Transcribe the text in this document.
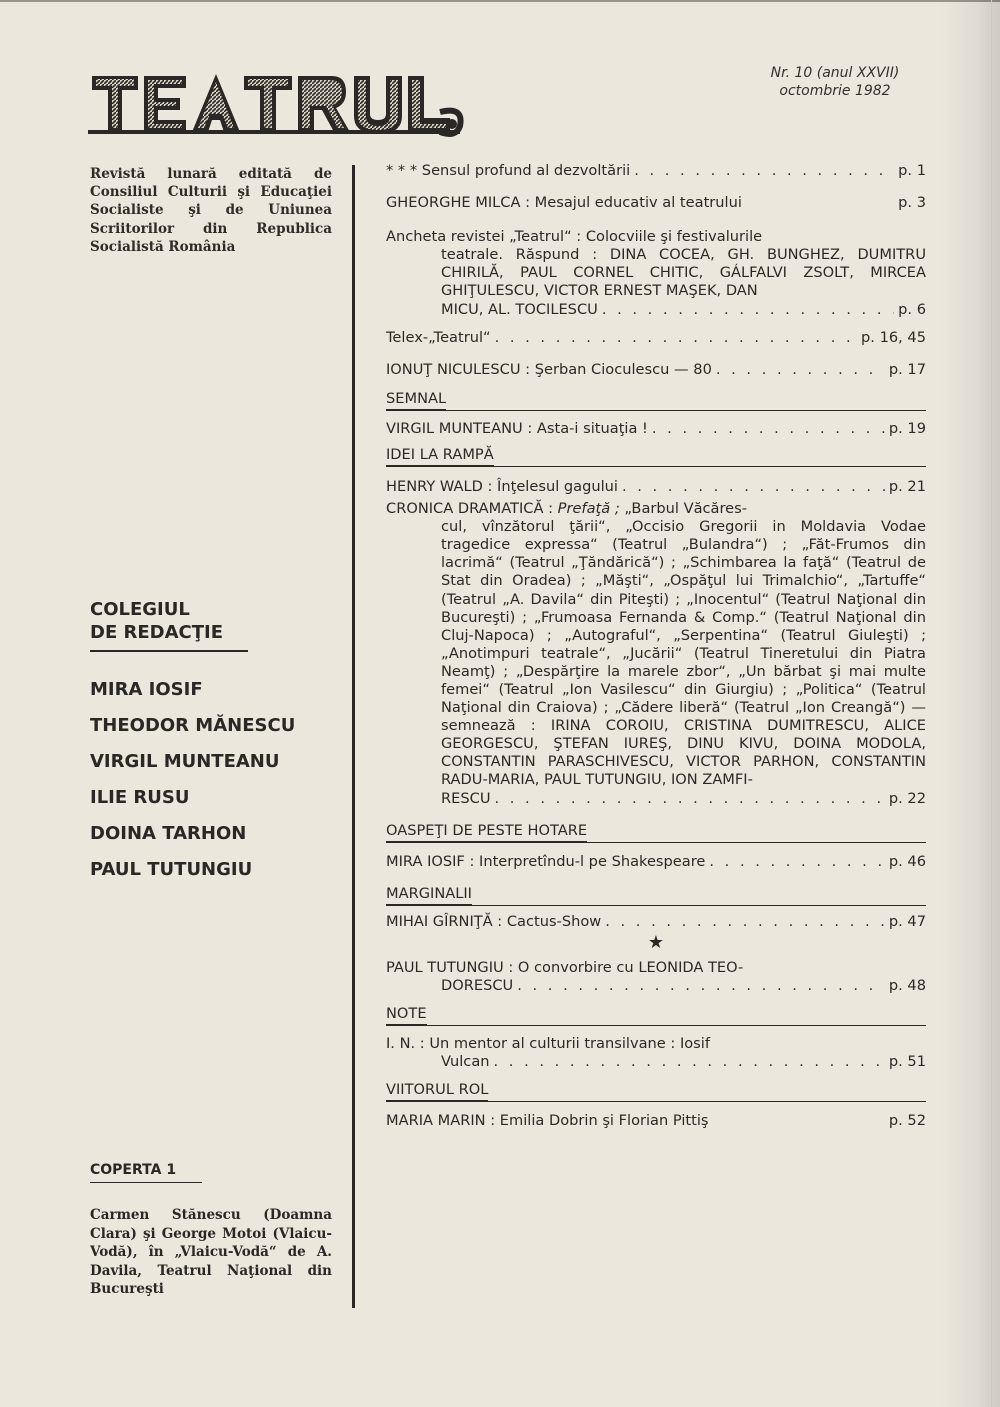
Nr. 10 (anul XXVII)
octombrie 1982
Revistă lunară editată de Consiliul Culturii şi Educaţiei Socialiste şi de Uniunea Scriitorilor din Republica Socialistă România
COLEGIUL
DE REDACŢIE
MIRA IOSIF
THEODOR MĂNESCU
VIRGIL MUNTEANU
ILIE RUSU
DOINA TARHON
PAUL TUTUNGIU
COPERTA 1
Carmen Stănescu (Doamna Clara) şi George Motoi (Vlaicu-Vodă), în „Vlaicu-Vodă“ de A. Davila, Teatrul Naţional din Bucureşti
* * * Sensul profund al dezvoltării . . .	p. 1
GHEORGHE MILCA : Mesajul educativ al teatrului	p. 3
Ancheta revistei „Teatrul“ : Colocviile şi festivalurile
teatrale. Răspund : DINA COCEA, GH. BUNGHEZ, DUMITRU CHIRILĂ, PAUL CORNEL CHITIC, GÁLFALVI ZSOLT, MIRCEA GHIŢULESCU, VICTOR ERNEST MAŞEK, DAN
MICU, AL. TOCILESCU . . .	p. 6
Telex-„Teatrul“ . . .	p. 16, 45
IONUŢ NICULESCU : Şerban Cioculescu — 80 . . .	p. 17
SEMNAL
VIRGIL MUNTEANU : Asta-i situaţia ! . . .	p. 19
IDEI LA RAMPĂ
HENRY WALD : Înţelesul gagului . . .	p. 21
CRONICA DRAMATICĂ : Prefaţă ; „Barbul Văcăres-
cul, vînzătorul ţării“, „Occisio Gregorii in Moldavia Vodae tragedice expressa“ (Teatrul „Bulandra“) ; „Făt-Frumos din lacrimă“ (Teatrul „Ţăndărică“) ; „Schimbarea la faţă“ (Teatrul de Stat din Oradea) ; „Măşti“, „Ospăţul lui Trimalchio“, „Tartuffe“ (Teatrul „A. Davila“ din Piteşti) ; „Inocentul“ (Teatrul Naţional din Bucureşti) ; „Frumoasa Fernanda & Comp.“ (Teatrul Naţional din Cluj-Napoca) ; „Autograful“, „Serpentina“ (Teatrul Giuleşti) ; „Anotimpuri teatrale“, „Jucării“ (Teatrul Tineretului din Piatra Neamţ) ; „Despărţire la marele zbor“, „Un bărbat şi mai multe femei“ (Teatrul „Ion Vasilescu“ din Giurgiu) ; „Politica“ (Teatrul Naţional din Craiova) ; „Cădere liberă“ (Teatrul „Ion Creangă“) — semnează : IRINA COROIU, CRISTINA DUMITRESCU, ALICE GEORGESCU, ŞTEFAN IUREŞ, DINU KIVU, DOINA MODOLA, CONSTANTIN PARASCHIVESCU, VICTOR PARHON, CONSTANTIN RADU-MARIA, PAUL TUTUNGIU, ION ZAMFI-
RESCU . . .	p. 22
OASPEŢI DE PESTE HOTARE
MIRA IOSIF : Interpretîndu-l pe Shakespeare . . .	p. 46
MARGINALII
MIHAI GÎRNIŢĂ : Cactus-Show . . .	p. 47
★
PAUL TUTUNGIU : O convorbire cu LEONIDA TEO-
DORESCU . . .	p. 48
NOTE
I. N. : Un mentor al culturii transilvane : Iosif
Vulcan . . .	p. 51
VIITORUL ROL
MARIA MARIN : Emilia Dobrin şi Florian Pittiş	p. 52
